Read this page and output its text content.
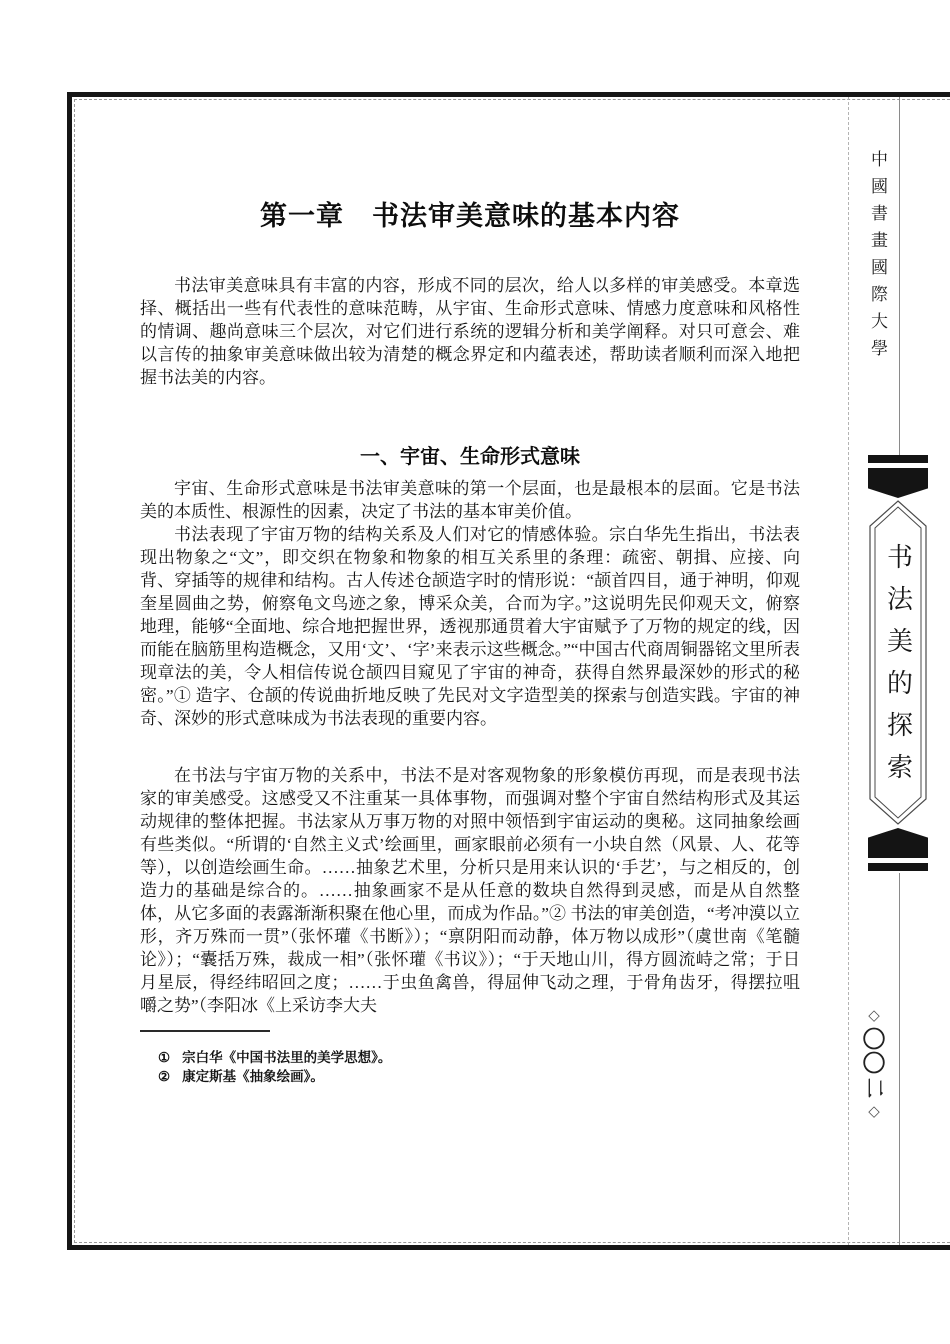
第一章　书法审美意味的基本内容

书法审美意味具有丰富的内容，形成不同的层次，给人以多样的审美感受。本章选择、概括出一些有代表性的意味范畴，从宇宙、生命形式意味、情感力度意味和风格性的情调、趣尚意味三个层次，对它们进行系统的逻辑分析和美学阐释。对只可意会、难以言传的抽象审美意味做出较为清楚的概念界定和内蕴表述，帮助读者顺利而深入地把握书法美的内容。

一、宇宙、生命形式意味

宇宙、生命形式意味是书法审美意味的第一个层面，也是最根本的层面。它是书法美的本质性、根源性的因素，决定了书法的基本审美价值。

书法表现了宇宙万物的结构关系及人们对它的情感体验。宗白华先生指出，书法表现出物象之“文”，即交织在物象和物象的相互关系里的条理：疏密、朝揖、应接、向背、穿插等的规律和结构。古人传述仓颉造字时的情形说：“颉首四目，通于神明，仰观奎星圆曲之势，俯察龟文鸟迹之象，博采众美，合而为字。”这说明先民仰观天文，俯察地理，能够“全面地、综合地把握世界，透视那通贯着大宇宙赋予了万物的规定的线，因而能在脑筋里构造概念，又用‘文’、‘字’来表示这些概念。”“中国古代商周铜器铭文里所表现章法的美，令人相信传说仓颉四目窥见了宇宙的神奇，获得自然界最深妙的形式的秘密。”① 造字、仓颉的传说曲折地反映了先民对文字造型美的探索与创造实践。宇宙的神奇、深妙的形式意味成为书法表现的重要内容。

在书法与宇宙万物的关系中，书法不是对客观物象的形象模仿再现，而是表现书法家的审美感受。这感受又不注重某一具体事物，而强调对整个宇宙自然结构形式及其运动规律的整体把握。书法家从万事万物的对照中领悟到宇宙运动的奥秘。这同抽象绘画有些类似。“所谓的‘自然主义式’绘画里，画家眼前必须有一小块自然（风景、人、花等等），以创造绘画生命。……抽象艺术里，分析只是用来认识的‘手艺’，与之相反的，创造力的基础是综合的。……抽象画家不是从任意的数块自然得到灵感，而是从自然整体，从它多面的表露渐渐积聚在他心里，而成为作品。”② 书法的审美创造，“考冲漠以立形，齐万殊而一贯”（张怀瓘《书断》）；“禀阴阳而动静，体万物以成形”（虞世南《笔髓论》）；“囊括万殊，裁成一相”（张怀瓘《书议》）；“于天地山川，得方圆流峙之常；于日月星辰，得经纬昭回之度；……于虫鱼禽兽，得屈伸飞动之理，于骨角齿牙，得摆拉咀嚼之势”（李阳冰《上采访李大夫

① 宗白华《中国书法里的美学思想》。
② 康定斯基《抽象绘画》。
中國書畫國際大學
书法美的探索
◇
〇
〇
二
◇
